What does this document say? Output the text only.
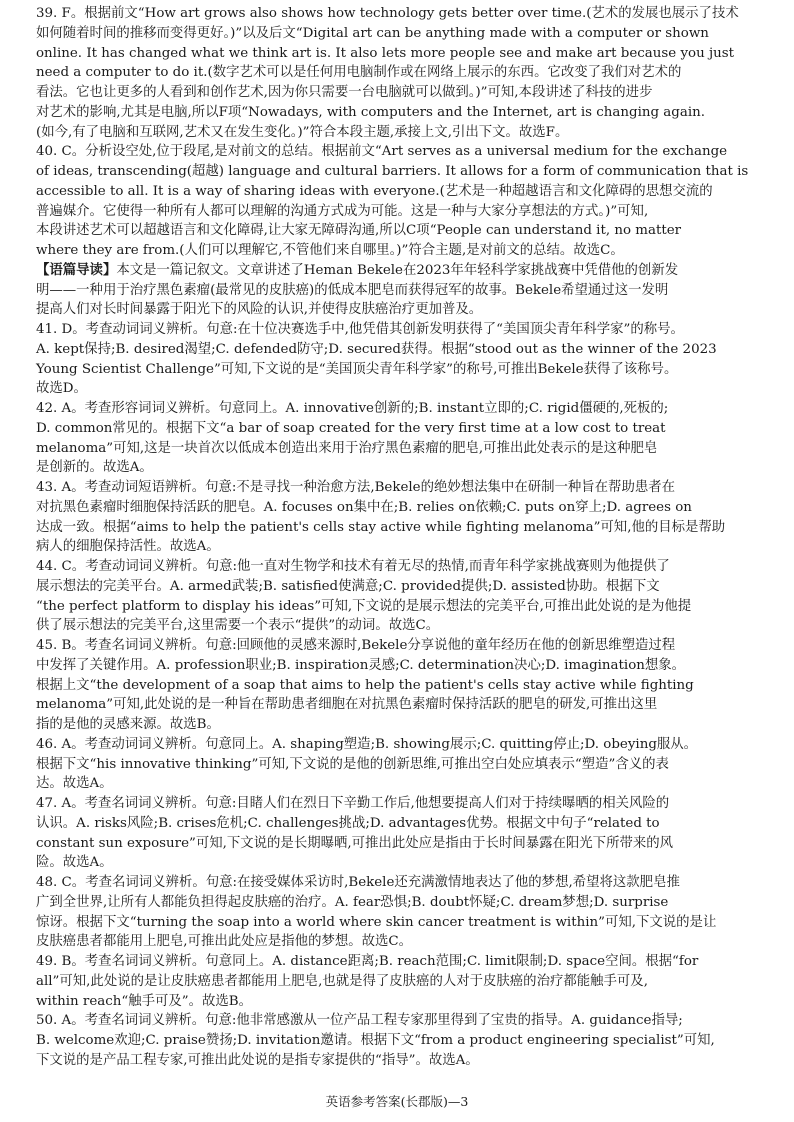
39. F。根据前文“How art grows also shows how technology gets better over time.(艺术的发展也展示了技术
如何随着时间的推移而变得更好。)”以及后文“Digital art can be anything made with a computer or shown
online. It has changed what we think art is. It also lets more people see and make art because you just
need a computer to do it.(数字艺术可以是任何用电脑制作或在网络上展示的东西。它改变了我们对艺术的
看法。它也让更多的人看到和创作艺术,因为你只需要一台电脑就可以做到。)”可知,本段讲述了科技的进步
对艺术的影响,尤其是电脑,所以F项“Nowadays, with computers and the Internet, art is changing again.
(如今,有了电脑和互联网,艺术又在发生变化。)”符合本段主题,承接上文,引出下文。故选F。
40. C。分析设空处,位于段尾,是对前文的总结。根据前文“Art serves as a universal medium for the exchange
of ideas, transcending(超越) language and cultural barriers. It allows for a form of communication that is
accessible to all. It is a way of sharing ideas with everyone.(艺术是一种超越语言和文化障碍的思想交流的
普遍媒介。它使得一种所有人都可以理解的沟通方式成为可能。这是一种与大家分享想法的方式。)”可知,
本段讲述艺术可以超越语言和文化障碍,让大家无障碍沟通,所以C项“People can understand it, no matter
where they are from.(人们可以理解它,不管他们来自哪里。)”符合主题,是对前文的总结。故选C。
【语篇导读】本文是一篇记叙文。文章讲述了Heman Bekele在2023年年轻科学家挑战赛中凭借他的创新发
明——一种用于治疗黑色素瘤(最常见的皮肤癌)的低成本肥皂而获得冠军的故事。Bekele希望通过这一发明
提高人们对长时间暴露于阳光下的风险的认识,并使得皮肤癌治疗更加普及。
41. D。考查动词词义辨析。句意:在十位决赛选手中,他凭借其创新发明获得了“美国顶尖青年科学家”的称号。
A. kept保持;B. desired渴望;C. defended防守;D. secured获得。根据“stood out as the winner of the 2023
Young Scientist Challenge”可知,下文说的是“美国顶尖青年科学家”的称号,可推出Bekele获得了该称号。
故选D。
42. A。考查形容词词义辨析。句意同上。A. innovative创新的;B. instant立即的;C. rigid僵硬的,死板的;
D. common常见的。根据下文“a bar of soap created for the very first time at a low cost to treat
melanoma”可知,这是一块首次以低成本创造出来用于治疗黑色素瘤的肥皂,可推出此处表示的是这种肥皂
是创新的。故选A。
43. A。考查动词短语辨析。句意:不是寻找一种治愈方法,Bekele的绝妙想法集中在研制一种旨在帮助患者在
对抗黑色素瘤时细胞保持活跃的肥皂。A. focuses on集中在;B. relies on依赖;C. puts on穿上;D. agrees on
达成一致。根据“aims to help the patient's cells stay active while fighting melanoma”可知,他的目标是帮助
病人的细胞保持活性。故选A。
44. C。考查动词词义辨析。句意:他一直对生物学和技术有着无尽的热情,而青年科学家挑战赛则为他提供了
展示想法的完美平台。A. armed武装;B. satisfied使满意;C. provided提供;D. assisted协助。根据下文
“the perfect platform to display his ideas”可知,下文说的是展示想法的完美平台,可推出此处说的是为他提
供了展示想法的完美平台,这里需要一个表示“提供”的动词。故选C。
45. B。考查名词词义辨析。句意:回顾他的灵感来源时,Bekele分享说他的童年经历在他的创新思维塑造过程
中发挥了关键作用。A. profession职业;B. inspiration灵感;C. determination决心;D. imagination想象。
根据上文“the development of a soap that aims to help the patient's cells stay active while fighting
melanoma”可知,此处说的是一种旨在帮助患者细胞在对抗黑色素瘤时保持活跃的肥皂的研发,可推出这里
指的是他的灵感来源。故选B。
46. A。考查动词词义辨析。句意同上。A. shaping塑造;B. showing展示;C. quitting停止;D. obeying服从。
根据下文“his innovative thinking”可知,下文说的是他的创新思维,可推出空白处应填表示“塑造”含义的表
达。故选A。
47. A。考查名词词义辨析。句意:目睹人们在烈日下辛勤工作后,他想要提高人们对于持续曝晒的相关风险的
认识。A. risks风险;B. crises危机;C. challenges挑战;D. advantages优势。根据文中句子“related to
constant sun exposure”可知,下文说的是长期曝晒,可推出此处应是指由于长时间暴露在阳光下所带来的风
险。故选A。
48. C。考查名词词义辨析。句意:在接受媒体采访时,Bekele还充满激情地表达了他的梦想,希望将这款肥皂推
广到全世界,让所有人都能负担得起皮肤癌的治疗。A. fear恐惧;B. doubt怀疑;C. dream梦想;D. surprise
惊讶。根据下文“turning the soap into a world where skin cancer treatment is within”可知,下文说的是让
皮肤癌患者都能用上肥皂,可推出此处应是指他的梦想。故选C。
49. B。考查名词词义辨析。句意同上。A. distance距离;B. reach范围;C. limit限制;D. space空间。根据“for
all”可知,此处说的是让皮肤癌患者都能用上肥皂,也就是得了皮肤癌的人对于皮肤癌的治疗都能触手可及,
within reach“触手可及”。故选B。
50. A。考查名词词义辨析。句意:他非常感激从一位产品工程专家那里得到了宝贵的指导。A. guidance指导;
B. welcome欢迎;C. praise赞扬;D. invitation邀请。根据下文“from a product engineering specialist”可知,
下文说的是产品工程专家,可推出此处说的是指专家提供的“指导”。故选A。
英语参考答案(长郡版)—3
